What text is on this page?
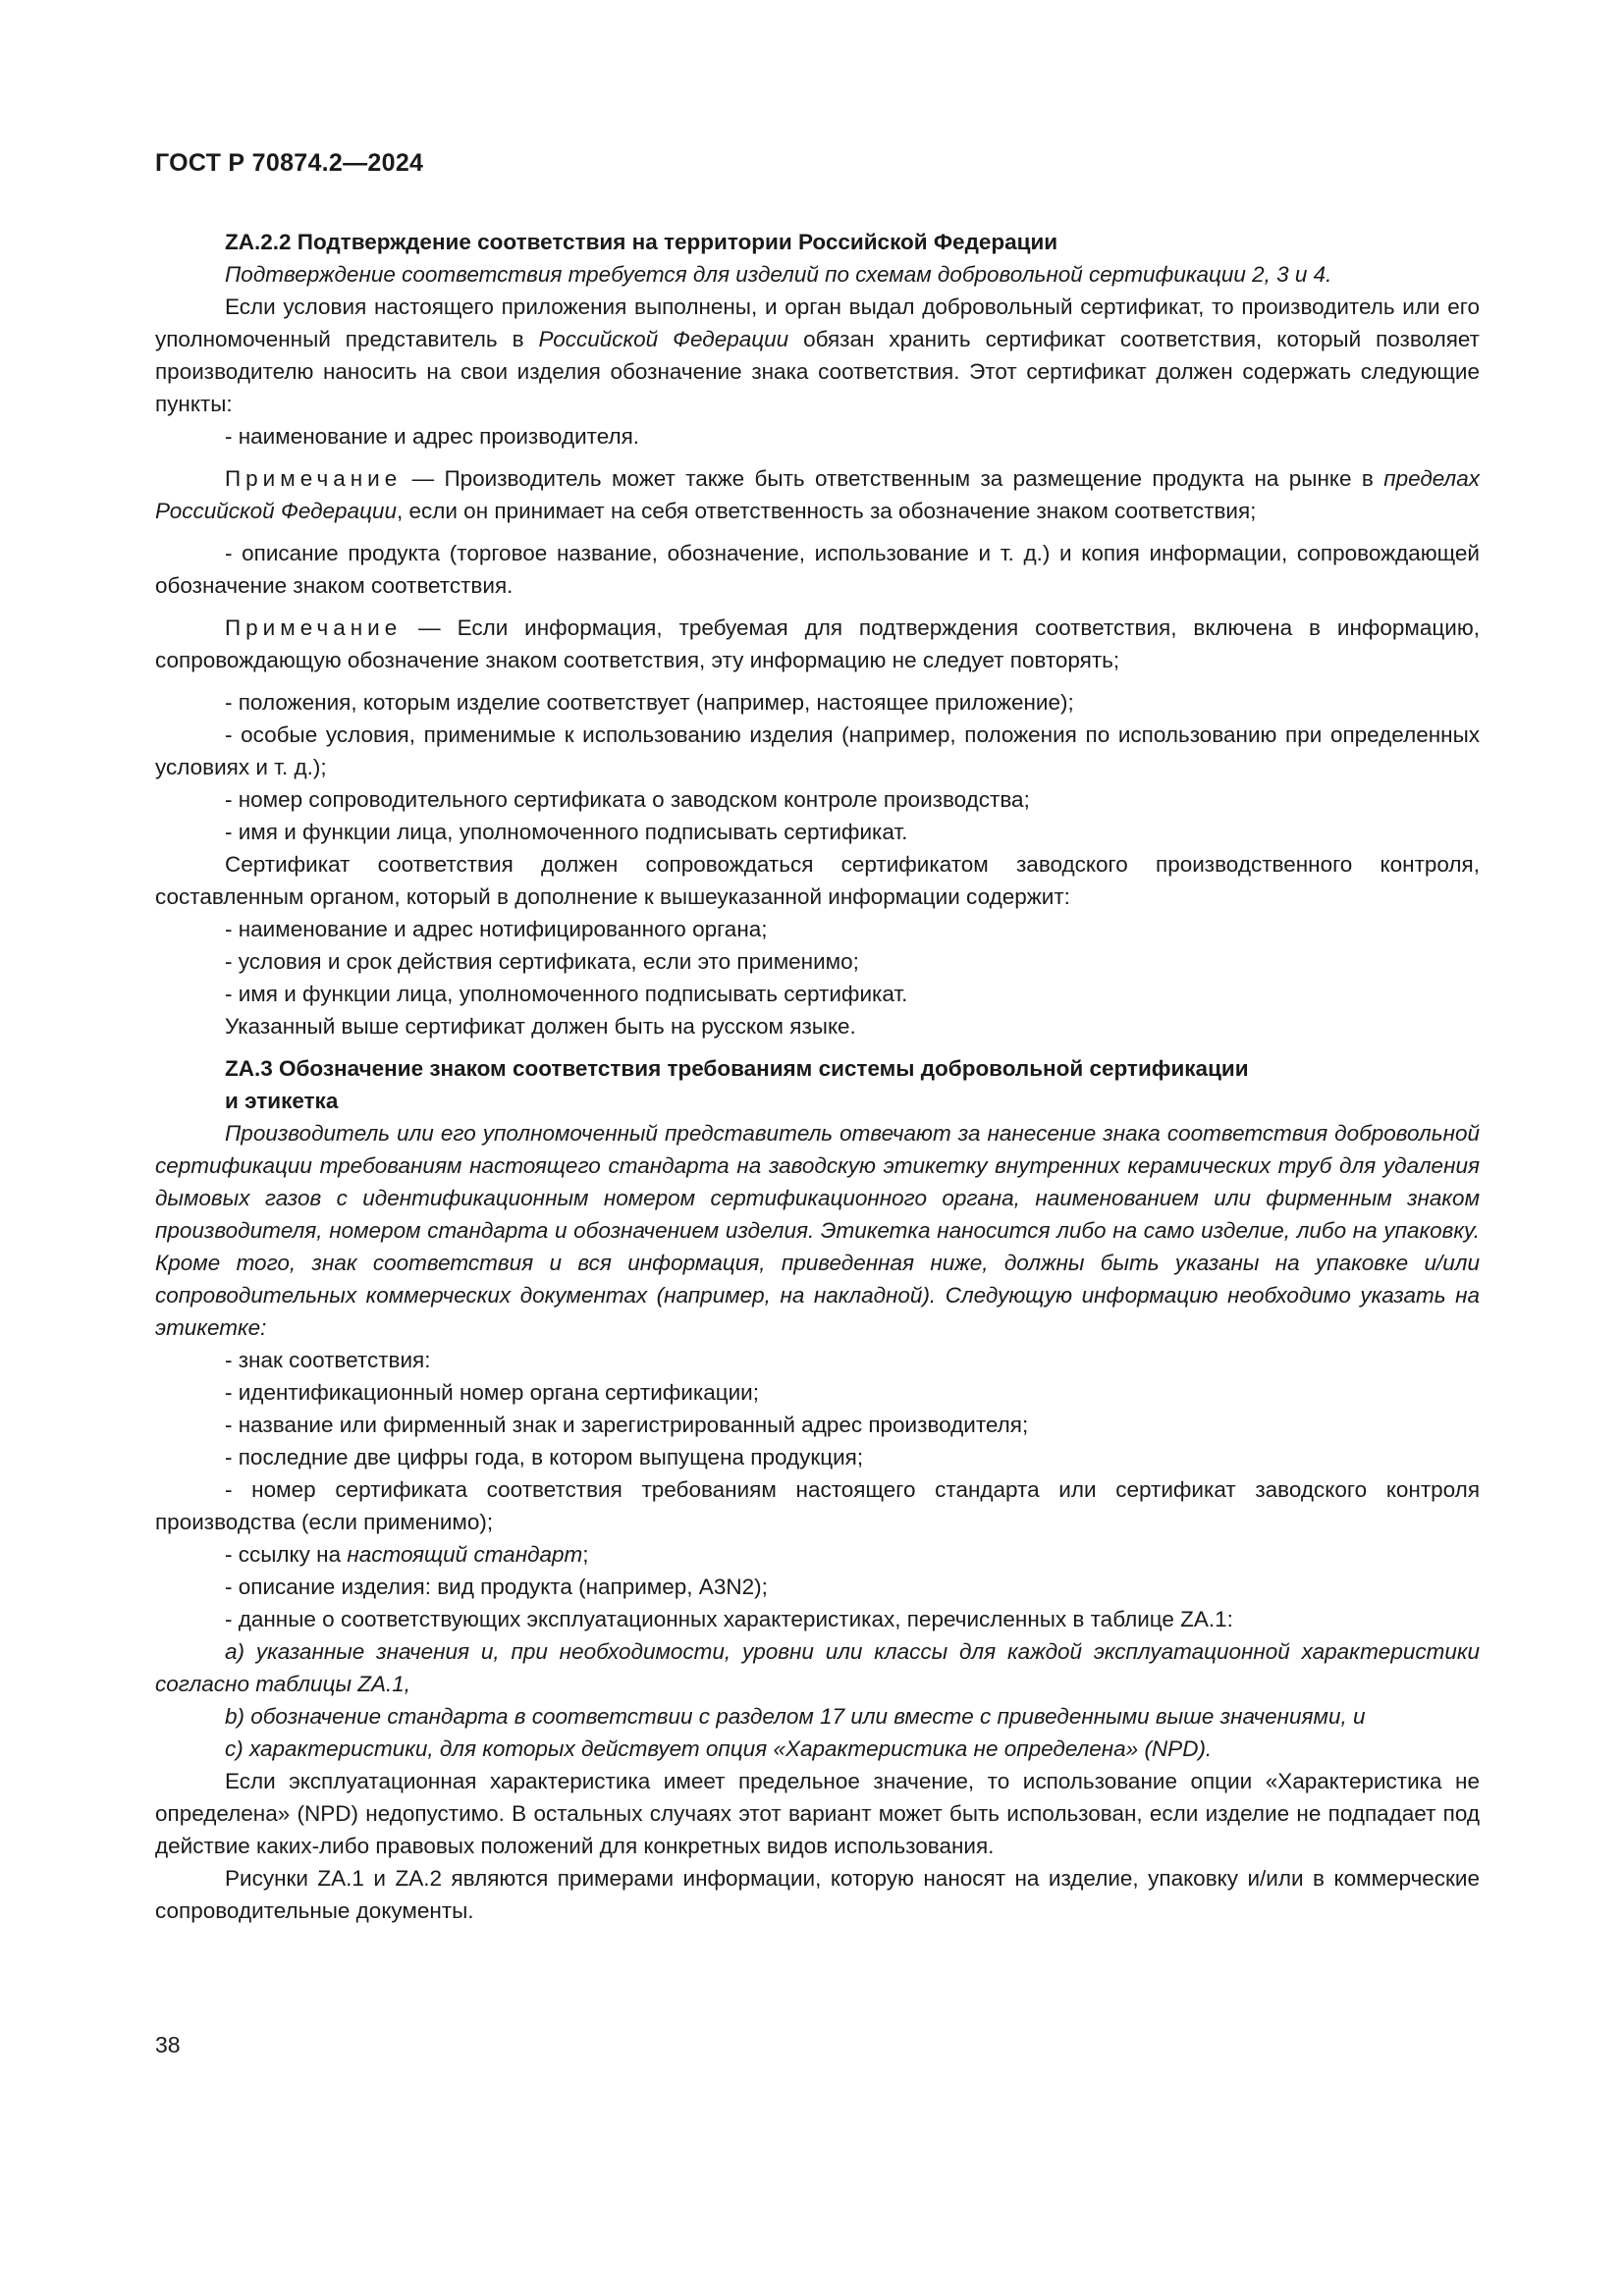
ГОСТ Р 70874.2—2024

ZA.2.2 Подтверждение соответствия на территории Российской Федерации

Подтверждение соответствия требуется для изделий по схемам добровольной сертификации 2, 3 и 4.

Если условия настоящего приложения выполнены, и орган выдал добровольный сертификат, то производитель или его уполномоченный представитель в Российской Федерации обязан хранить сертификат соответствия, который позволяет производителю наносить на свои изделия обозначение знака соответствия. Этот сертификат должен содержать следующие пункты:

- наименование и адрес производителя.

Примечание — Производитель может также быть ответственным за размещение продукта на рынке в пределах Российской Федерации, если он принимает на себя ответственность за обозначение знаком соответствия;

- описание продукта (торговое название, обозначение, использование и т. д.) и копия информации, сопровождающей обозначение знаком соответствия.

Примечание — Если информация, требуемая для подтверждения соответствия, включена в информацию, сопровождающую обозначение знаком соответствия, эту информацию не следует повторять;

- положения, которым изделие соответствует (например, настоящее приложение);

- особые условия, применимые к использованию изделия (например, положения по использованию при определенных условиях и т. д.);

- номер сопроводительного сертификата о заводском контроле производства;

- имя и функции лица, уполномоченного подписывать сертификат.

Сертификат соответствия должен сопровождаться сертификатом заводского производственного контроля, составленным органом, который в дополнение к вышеуказанной информации содержит:

- наименование и адрес нотифицированного органа;

- условия и срок действия сертификата, если это применимо;

- имя и функции лица, уполномоченного подписывать сертификат.

Указанный выше сертификат должен быть на русском языке.

ZA.3 Обозначение знаком соответствия требованиям системы добровольной сертификации
и этикетка

Производитель или его уполномоченный представитель отвечают за нанесение знака соответствия добровольной сертификации требованиям настоящего стандарта на заводскую этикетку внутренних керамических труб для удаления дымовых газов с идентификационным номером сертификационного органа, наименованием или фирменным знаком производителя, номером стандарта и обозначением изделия. Этикетка наносится либо на само изделие, либо на упаковку. Кроме того, знак соответствия и вся информация, приведенная ниже, должны быть указаны на упаковке и/или сопроводительных коммерческих документах (например, на накладной). Следующую информацию необходимо указать на этикетке:

- знак соответствия:

- идентификационный номер органа сертификации;

- название или фирменный знак и зарегистрированный адрес производителя;

- последние две цифры года, в котором выпущена продукция;

- номер сертификата соответствия требованиям настоящего стандарта или сертификат заводского контроля производства (если применимо);

- ссылку на настоящий стандарт;

- описание изделия: вид продукта (например, A3N2);

- данные о соответствующих эксплуатационных характеристиках, перечисленных в таблице ZA.1:

a) указанные значения и, при необходимости, уровни или классы для каждой эксплуатационной характеристики согласно таблицы ZA.1,

b) обозначение стандарта в соответствии с разделом 17 или вместе с приведенными выше значениями, и

c) характеристики, для которых действует опция «Характеристика не определена» (NPD).

Если эксплуатационная характеристика имеет предельное значение, то использование опции «Характеристика не определена» (NPD) недопустимо. В остальных случаях этот вариант может быть использован, если изделие не подпадает под действие каких-либо правовых положений для конкретных видов использования.

Рисунки ZA.1 и ZA.2 являются примерами информации, которую наносят на изделие, упаковку и/или в коммерческие сопроводительные документы.

38
